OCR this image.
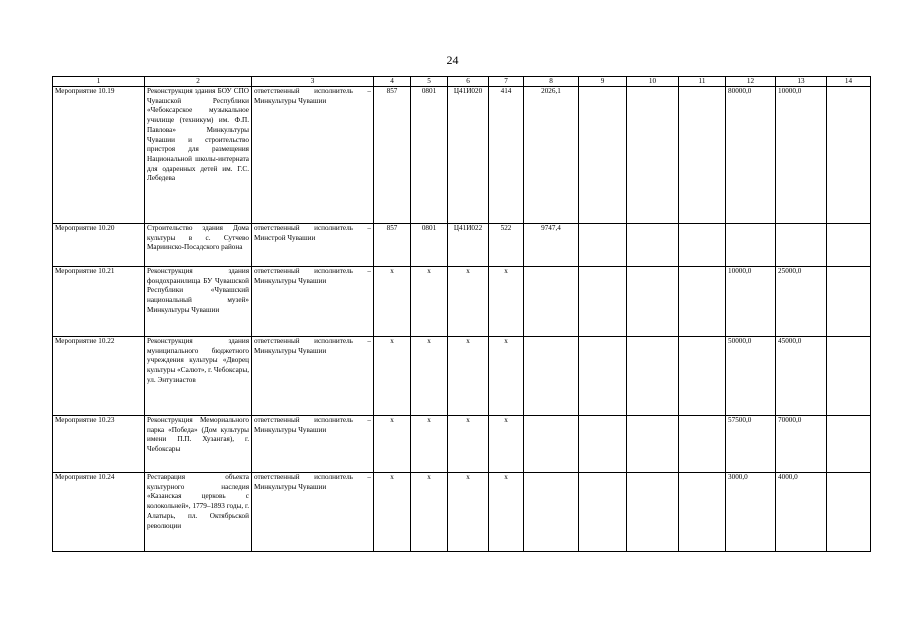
24
1	2	3	4	5	6	7	8	9	10	11	12	13	14
Мероприятие 10.19	Реконструкция здания БОУ СПО Чувашской Республики «Чебоксарское музыкальное училище (техникум) им. Ф.П. Павлова» Минкультуры Чувашии и строительство пристроя для размещения Национальной школы-интерната для одаренных детей им. Г.С. Лебедева	ответственный исполнитель – Минкультуры Чувашии	857	0801	Ц41И020	414	2026,1				80000,0	10000,0	
Мероприятие 10.20	Строительство здания Дома культуры в с. Сутчево Мариинско-Посадского района	ответственный исполнитель – Минстрой Чувашии	857	0801	Ц41И022	522	9747,4						
Мероприятие 10.21	Реконструкция здания фондохранилища БУ Чувашской Республики «Чувашский национальный музей» Минкультуры Чувашии	ответственный исполнитель – Минкультуры Чувашии	x	x	x	x					10000,0	25000,0	
Мероприятие 10.22	Реконструкция здания муниципального бюджетного учреждения культуры «Дворец культуры «Салют», г. Чебоксары, ул. Энтузиастов	ответственный исполнитель – Минкультуры Чувашии	x	x	x	x					50000,0	45000,0	
Мероприятие 10.23	Реконструкция Мемориального парка «Победа» (Дом культуры имени П.П. Хузангая), г. Чебоксары	ответственный исполнитель – Минкультуры Чувашии	x	x	x	x					57500,0	70000,0	
Мероприятие 10.24	Реставрация объекта культурного наследия «Казанская церковь с колокольней», 1779–1893 годы, г. Алатырь, пл. Октябрьской революции	ответственный исполнитель – Минкультуры Чувашии	x	x	x	x					3000,0	4000,0	
